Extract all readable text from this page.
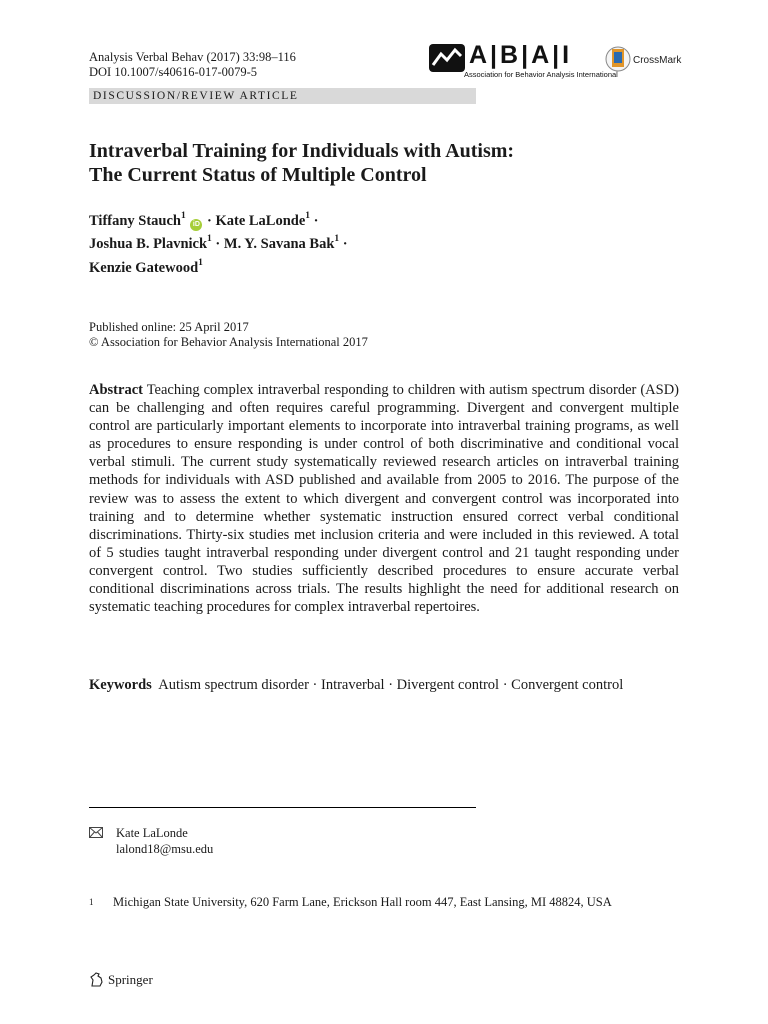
Analysis Verbal Behav (2017) 33:98–116
DOI 10.1007/s40616-017-0079-5
DISCUSSION/REVIEW ARTICLE
A|B|A|I
Association for Behavior Analysis International
CrossMark
Intraverbal Training for Individuals with Autism:
The Current Status of Multiple Control
Tiffany Stauch$^1$ iD · Kate LaLonde$^1$ ·
Joshua B. Plavnick$^1$ · M. Y. Savana Bak$^1$ ·
Kenzie Gatewood$^1$
Published online: 25 April 2017
© Association for Behavior Analysis International 2017
Abstract Teaching complex intraverbal responding to children with autism spectrum disorder (ASD) can be challenging and often requires careful programming. Divergent and convergent multiple control are particularly important elements to incorporate into intraverbal training programs, as well as procedures to ensure responding is under control of both discriminative and conditional vocal verbal stimuli. The current study systematically reviewed research articles on intraverbal training methods for individuals with ASD published and available from 2005 to 2016. The purpose of the review was to assess the extent to which divergent and convergent control was incorporated into training and to determine whether systematic instruction ensured correct verbal conditional discriminations. Thirty-six studies met inclusion criteria and were included in this reviewed. A total of 5 studies taught intraverbal responding under divergent control and 21 taught responding under convergent control. Two studies sufficiently described procedures to ensure accurate verbal conditional discriminations across trials. The results highlight the need for additional research on systematic teaching procedures for complex intraverbal repertoires.
Keywords Autism spectrum disorder · Intraverbal · Divergent control · Convergent control
Kate LaLonde
lalond18@msu.edu
1	Michigan State University, 620 Farm Lane, Erickson Hall room 447, East Lansing, MI 48824, USA
Springer
